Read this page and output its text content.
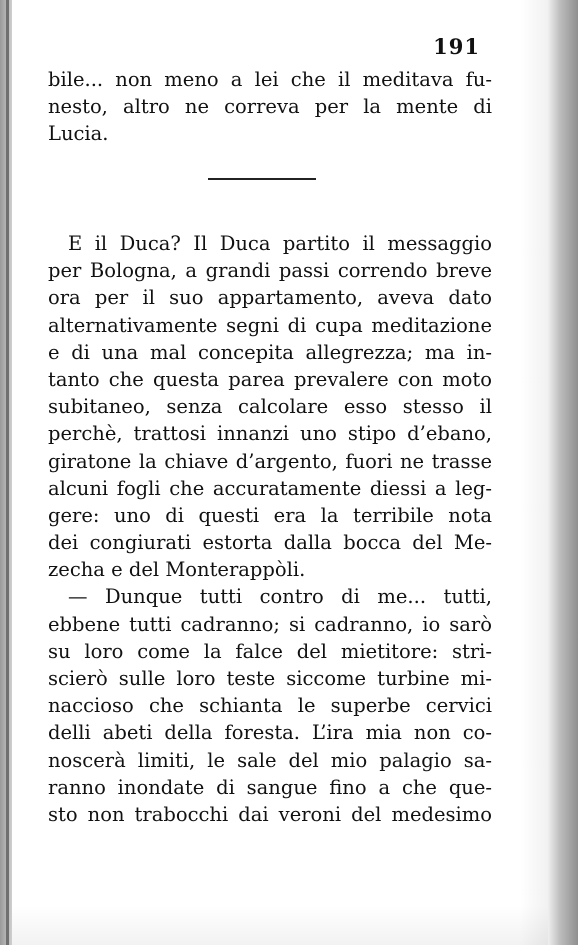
191
bile... non meno a lei che il meditava fu-
nesto, altro ne correva per la mente di
Lucia.
E il Duca? Il Duca partito il messaggio
per Bologna, a grandi passi correndo breve
ora per il suo appartamento, aveva dato
alternativamente segni di cupa meditazione
e di una mal concepita allegrezza; ma in-
tanto che questa parea prevalere con moto
subitaneo, senza calcolare esso stesso il
perchè, trattosi innanzi uno stipo d’ebano,
giratone la chiave d’argento, fuori ne trasse
alcuni fogli che accuratamente diessi a leg-
gere: uno di questi era la terribile nota
dei congiurati estorta dalla bocca del Me-
zecha e del Monterappòli.
— Dunque tutti contro di me... tutti,
ebbene tutti cadranno; si cadranno, io sarò
su loro come la falce del mietitore: stri-
scierò sulle loro teste siccome turbine mi-
naccioso che schianta le superbe cervici
delli abeti della foresta. L’ira mia non co-
noscerà limiti, le sale del mio palagio sa-
ranno inondate di sangue fino a che que-
sto non trabocchi dai veroni del medesimo
